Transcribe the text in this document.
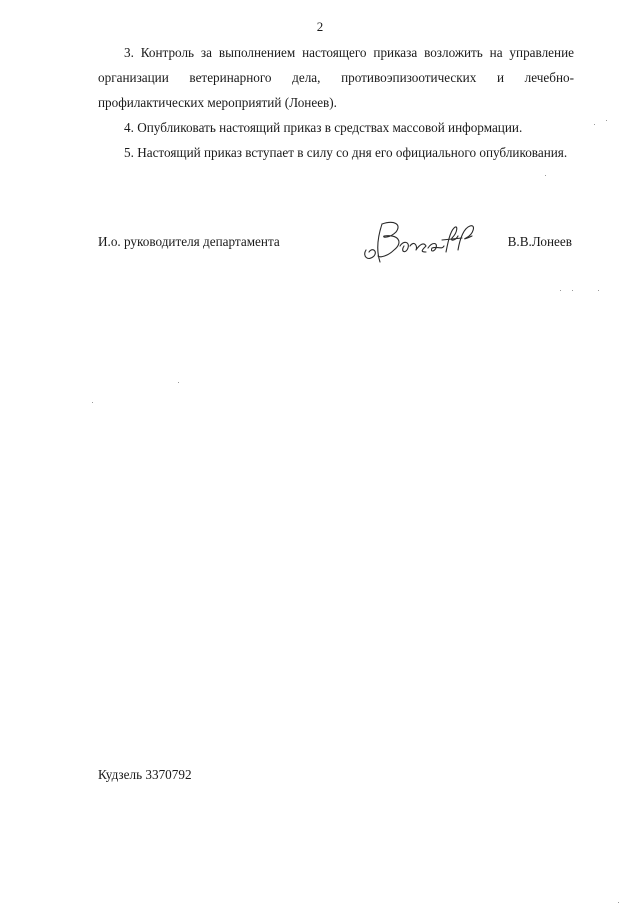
2

3. Контроль за выполнением настоящего приказа возложить на управление организации ветеринарного дела, противоэпизоотических и лечебно-профилактических мероприятий (Лонеев).

4. Опубликовать настоящий приказ в средствах массовой информации.

5. Настоящий приказ вступает в силу со дня его официального опубликования.

И.о. руководителя департамента	В.В.Лонеев
Кудзель 3370792
